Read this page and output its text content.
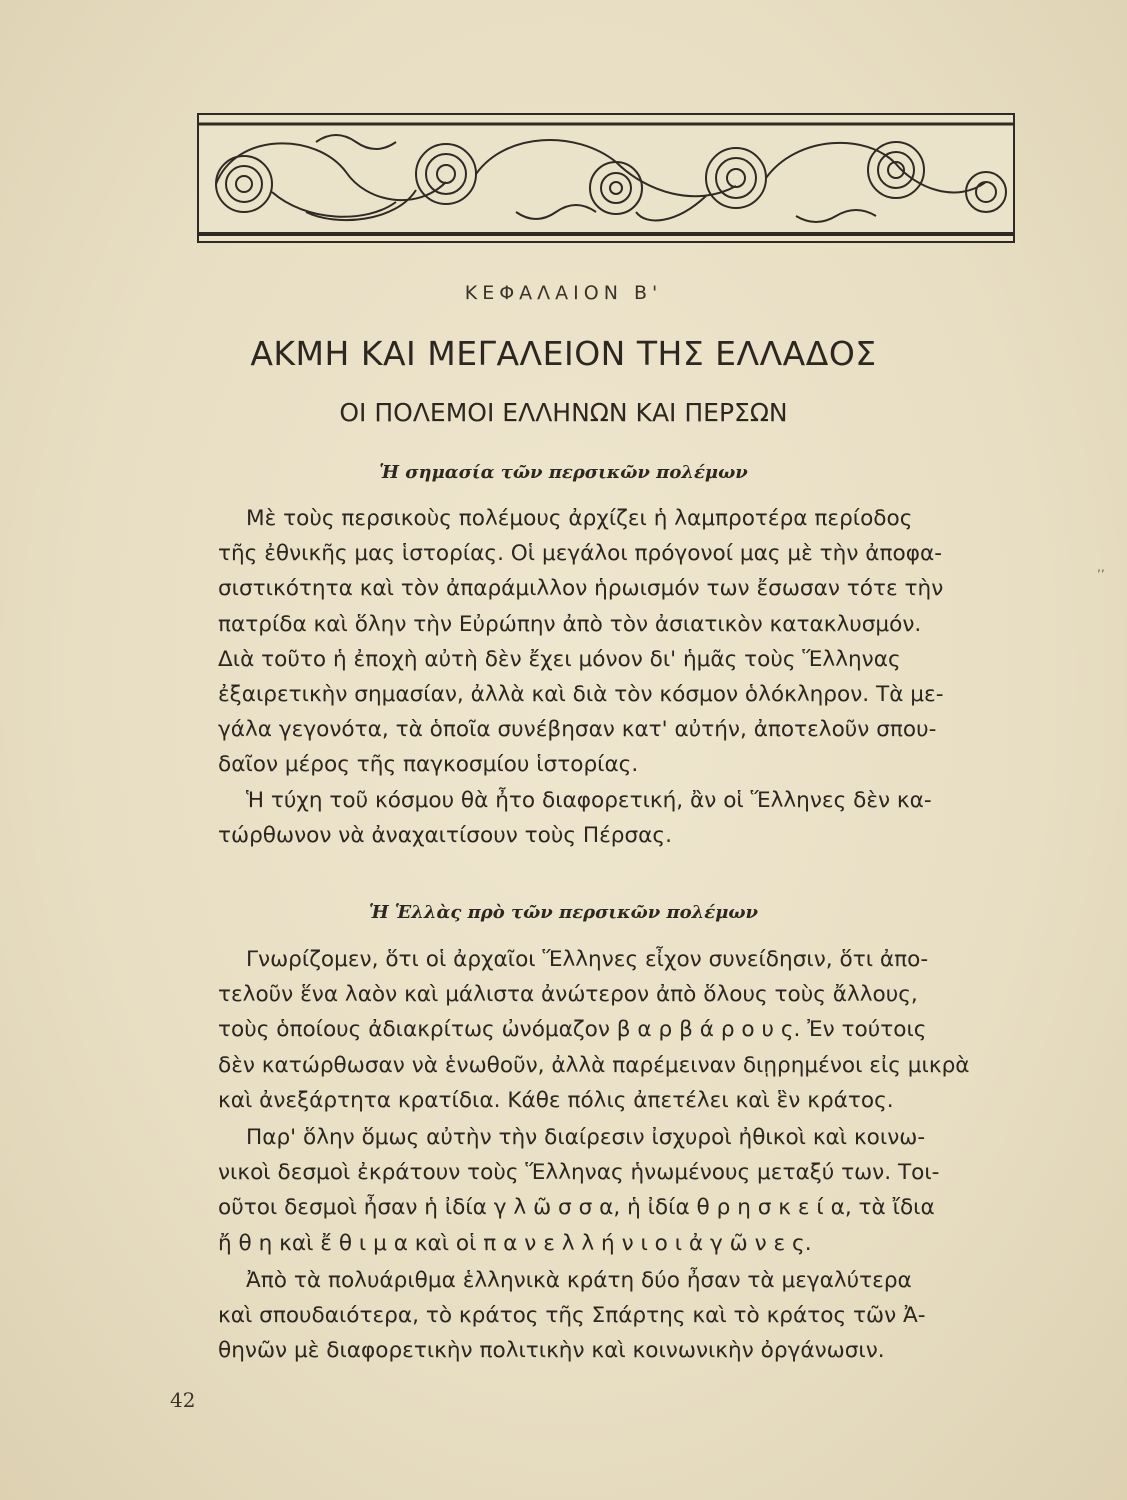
ΚΕΦΑΛΑΙΟΝ Β'
ΑΚΜΗ ΚΑΙ ΜΕΓΑΛΕΙΟΝ ΤΗΣ ΕΛΛΑΔΟΣ
ΟΙ ΠΟΛΕΜΟΙ ΕΛΛΗΝΩΝ ΚΑΙ ΠΕΡΣΩΝ
Ἡ σημασία τῶν περσικῶν πολέμων
Μὲ τοὺς περσικοὺς πολέμους ἀρχίζει ἡ λαμπροτέρα περίοδος
τῆς ἐθνικῆς μας ἱστορίας. Οἱ μεγάλοι πρόγονοί μας μὲ τὴν ἀποφα-
σιστικότητα καὶ τὸν ἀπαράμιλλον ἡρωισμόν των ἔσωσαν τότε τὴν
πατρίδα καὶ ὅλην τὴν Εὐρώπην ἀπὸ τὸν ἀσιατικὸν κατακλυσμόν.
Διὰ τοῦτο ἡ ἐποχὴ αὐτὴ δὲν ἔχει μόνον δι' ἡμᾶς τοὺς Ἕλληνας
ἐξαιρετικὴν σημασίαν, ἀλλὰ καὶ διὰ τὸν κόσμον ὁλόκληρον. Τὰ με-
γάλα γεγονότα, τὰ ὁποῖα συνέβησαν κατ' αὐτήν, ἀποτελοῦν σπου-
δαῖον μέρος τῆς παγκοσμίου ἱστορίας.
Ἡ τύχη τοῦ κόσμου θὰ ἦτο διαφορετική, ἂν οἱ Ἕλληνες δὲν κα-
τώρθωνον νὰ ἀναχαιτίσουν τοὺς Πέρσας.
Ἡ Ἑλλὰς πρὸ τῶν περσικῶν πολέμων
Γνωρίζομεν, ὅτι οἱ ἀρχαῖοι Ἕλληνες εἶχον συνείδησιν, ὅτι ἀπο-
τελοῦν ἕνα λαὸν καὶ μάλιστα ἀνώτερον ἀπὸ ὅλους τοὺς ἄλλους,
τοὺς ὁποίους ἀδιακρίτως ὠνόμαζον β α ρ β ά ρ ο υ ς. Ἐν τούτοις
δὲν κατώρθωσαν νὰ ἑνωθοῦν, ἀλλὰ παρέμειναν διῃρημένοι εἰς μικρὰ
καὶ ἀνεξάρτητα κρατίδια. Κάθε πόλις ἀπετέλει καὶ ἓν κράτος.
Παρ' ὅλην ὅμως αὐτὴν τὴν διαίρεσιν ἰσχυροὶ ἠθικοὶ καὶ κοινω-
νικοὶ δεσμοὶ ἐκράτουν τοὺς Ἕλληνας ἡνωμένους μεταξύ των. Τοι-
οῦτοι δεσμοὶ ἦσαν ἡ ἰδία γ λ ῶ σ σ α, ἡ ἰδία θ ρ η σ κ ε ί α, τὰ ἴδια
ἤ θ η καὶ ἔ θ ι μ α καὶ οἱ π α ν ε λ λ ή ν ι ο ι ἀ γ ῶ ν ε ς.
Ἀπὸ τὰ πολυάριθμα ἑλληνικὰ κράτη δύο ἦσαν τὰ μεγαλύτερα
καὶ σπουδαιότερα, τὸ κράτος τῆς Σπάρτης καὶ τὸ κράτος τῶν Ἀ-
θηνῶν μὲ διαφορετικὴν πολιτικὴν καὶ κοινωνικὴν ὀργάνωσιν.
42
‚‚
